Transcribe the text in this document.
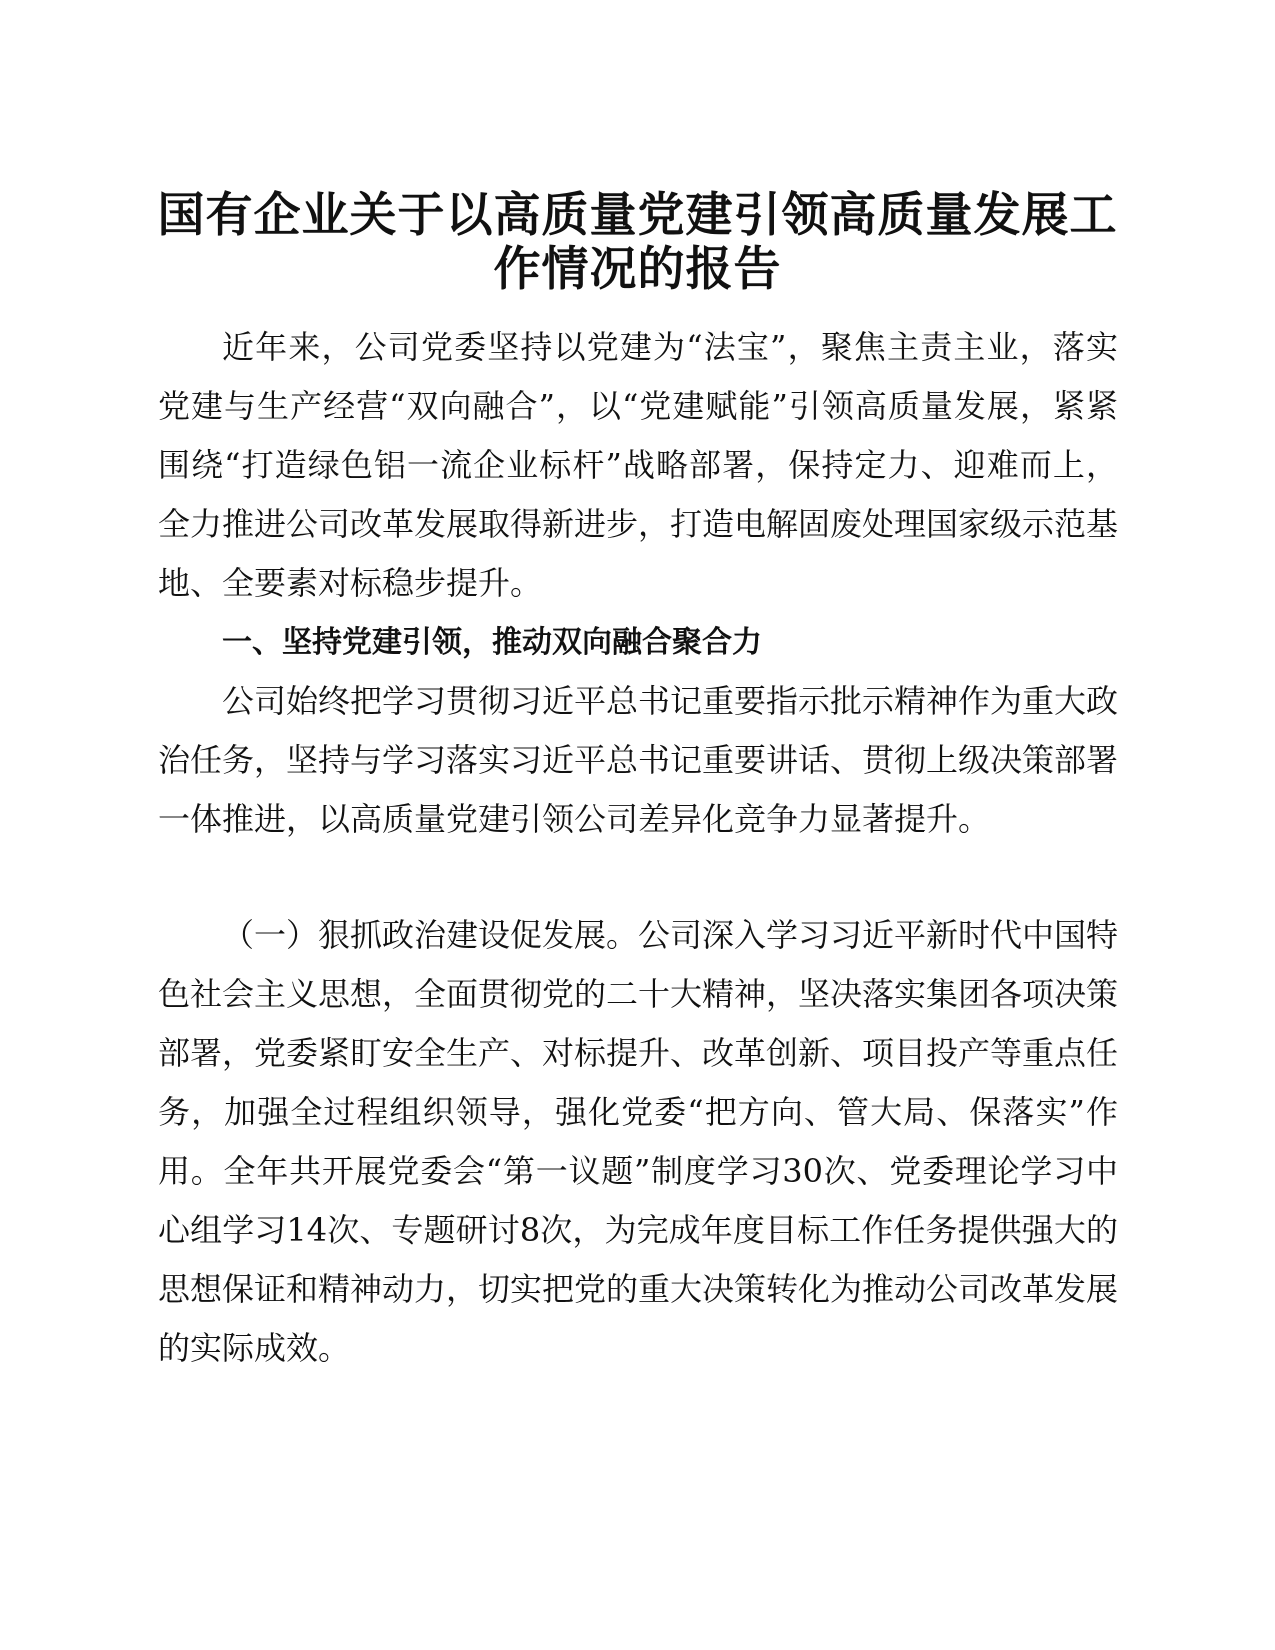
国有企业关于以高质量党建引领高质量发展工
作情况的报告

近年来，公司党委坚持以党建为“法宝”，聚焦主责主业，落实党建与生产经营“双向融合”，以“党建赋能”引领高质量发展，紧紧围绕“打造绿色铝一流企业标杆”战略部署，保持定力、迎难而上，全力推进公司改革发展取得新进步，打造电解固废处理国家级示范基地、全要素对标稳步提升。

一、坚持党建引领，推动双向融合聚合力

公司始终把学习贯彻习近平总书记重要指示批示精神作为重大政治任务，坚持与学习落实习近平总书记重要讲话、贯彻上级决策部署一体推进，以高质量党建引领公司差异化竞争力显著提升。

（一）狠抓政治建设促发展。公司深入学习习近平新时代中国特色社会主义思想，全面贯彻党的二十大精神，坚决落实集团各项决策部署，党委紧盯安全生产、对标提升、改革创新、项目投产等重点任务，加强全过程组织领导，强化党委“把方向、管大局、保落实”作用。全年共开展党委会“第一议题”制度学习30次、党委理论学习中心组学习14次、专题研讨8次，为完成年度目标工作任务提供强大的思想保证和精神动力，切实把党的重大决策转化为推动公司改革发展的实际成效。
